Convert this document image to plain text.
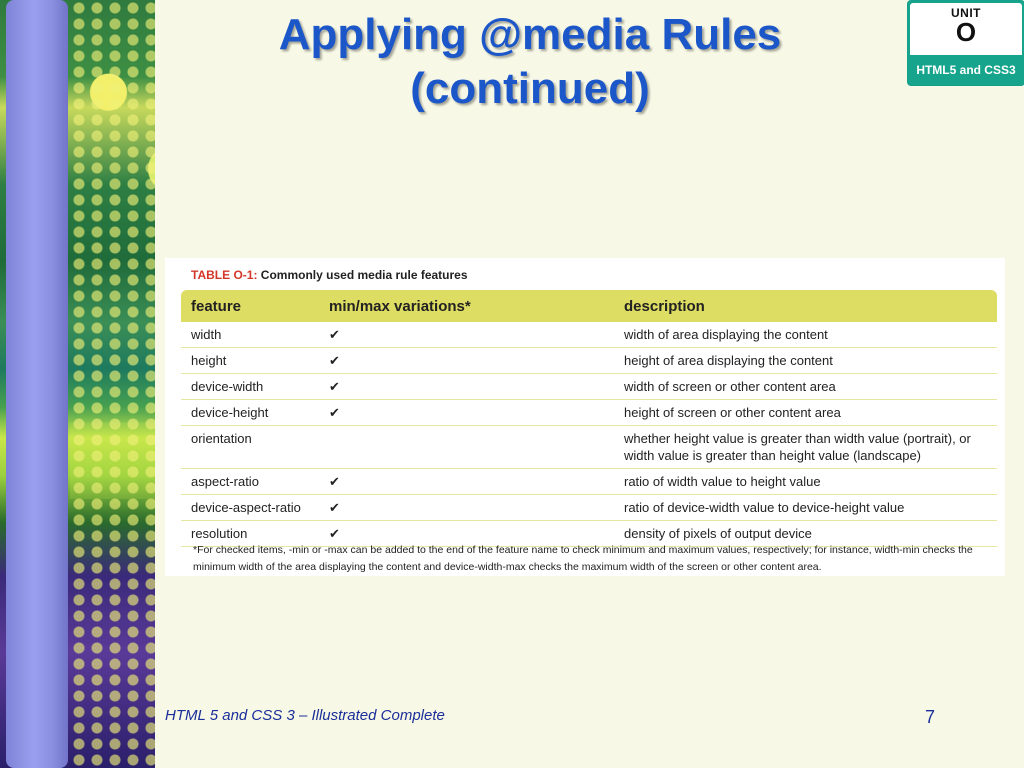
Applying @media Rules
(continued)
UNIT
O
HTML5 and CSS3
TABLE O-1: Commonly used media rule features
feature	min/max variations*	description
width	✔	width of area displaying the content
height	✔	height of area displaying the content
device-width	✔	width of screen or other content area
device-height	✔	height of screen or other content area
orientation		whether height value is greater than width value (portrait), or width value is greater than height value (landscape)
aspect-ratio	✔	ratio of width value to height value
device-aspect-ratio	✔	ratio of device-width value to device-height value
resolution	✔	density of pixels of output device
*For checked items, -min or -max can be added to the end of the feature name to check minimum and maximum values, respectively; for instance, width-min checks the minimum width of the area displaying the content and device-width-max checks the maximum width of the screen or other content area.
HTML 5 and CSS 3 – Illustrated Complete	7
